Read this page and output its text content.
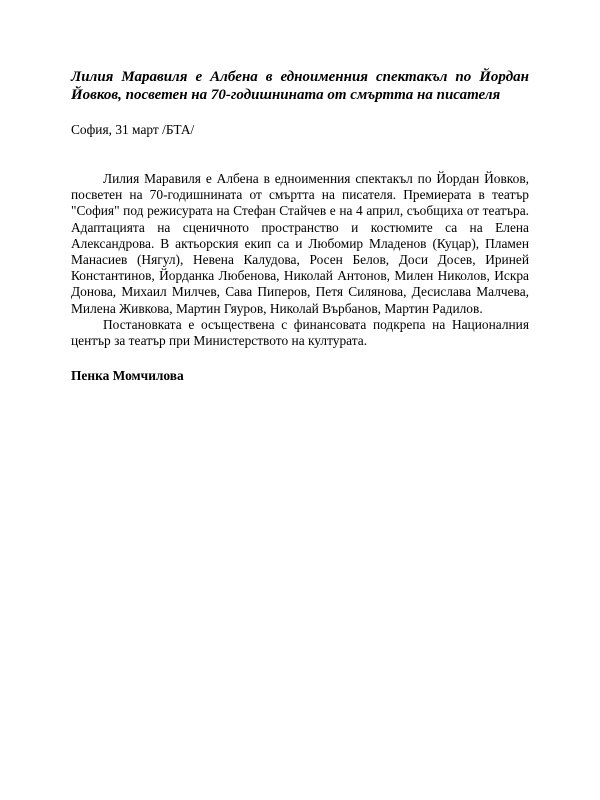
Лилия Маравиля е Албена в едноименния спектакъл по Йордан Йовков, посветен на 70-годишнината от смъртта на писателя

София, 31 март /БТА/

Лилия Маравиля е Албена в едноименния спектакъл по Йордан Йовков, посветен на 70-годишнината от смъртта на писателя. Премиерата в театър "София" под режисурата на Стефан Стайчев е на 4 април, съобщиха от театъра. Адаптацията на сценичното пространство и костюмите са на Елена Александрова. В актьорския екип са и Любомир Младенов (Куцар), Пламен Манасиев (Нягул), Невена Калудова, Росен Белов, Доси Досев, Ириней Константинов, Йорданка Любенова, Николай Антонов, Милен Николов, Искра Донова, Михаил Милчев, Сава Пиперов, Петя Силянова, Десислава Малчева, Милена Живкова, Мартин Гяуров, Николай Върбанов, Мартин Радилов.

Постановката е осъществена с финансовата подкрепа на Националния център за театър при Министерството на културата.

Пенка Момчилова
